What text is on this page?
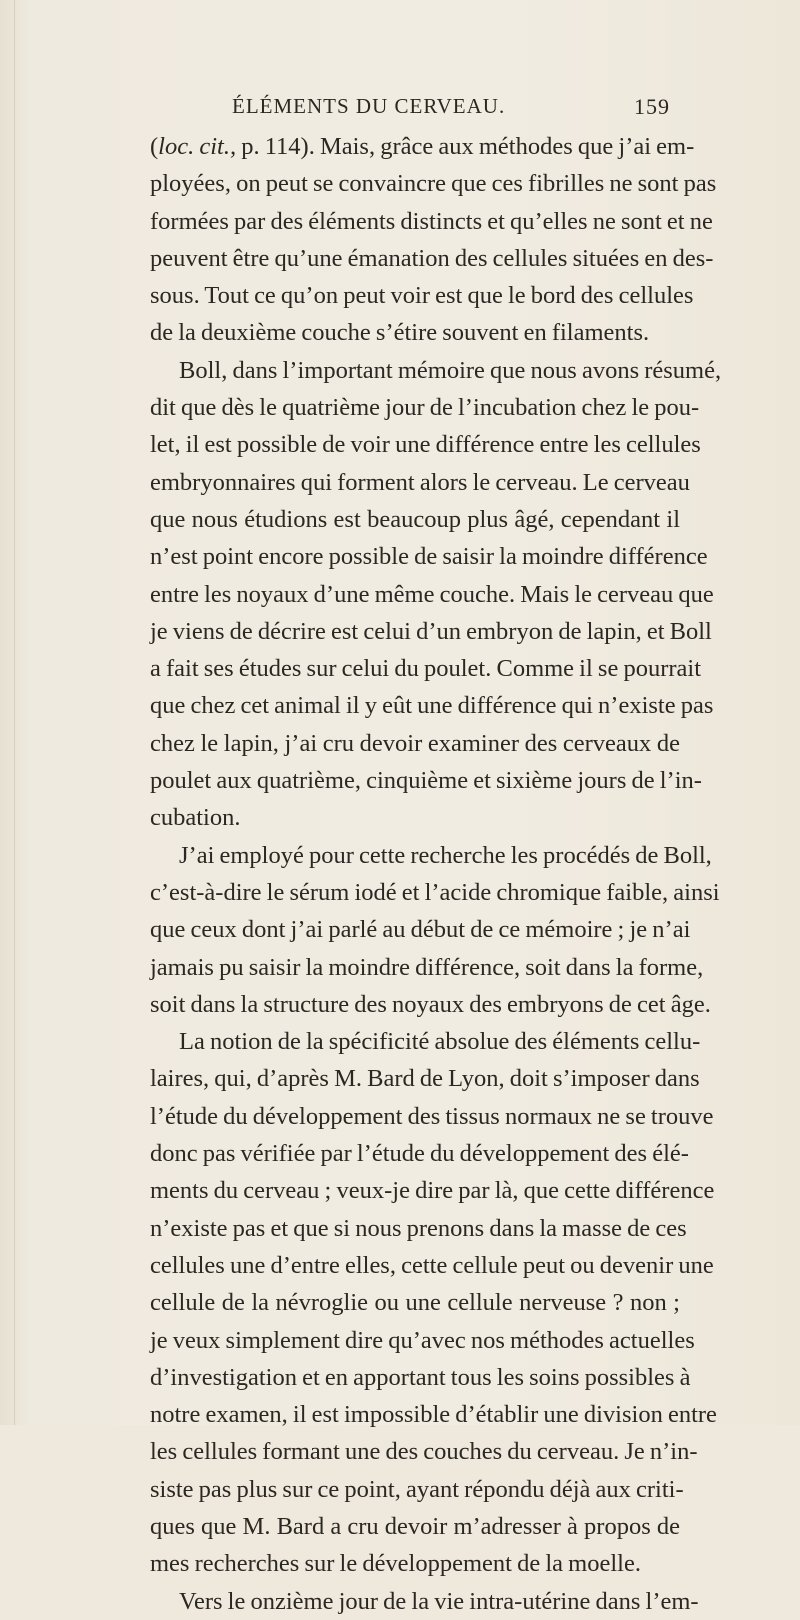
ÉLÉMENTS DU CERVEAU.	159
(loc. cit., p. 114). Mais, grâce aux méthodes que j’ai em-
ployées, on peut se convaincre que ces fibrilles ne sont pas
formées par des éléments distincts et qu’elles ne sont et ne
peuvent être qu’une émanation des cellules situées en des-
sous. Tout ce qu’on peut voir est que le bord des cellules
de la deuxième couche s’étire souvent en filaments.
Boll, dans l’important mémoire que nous avons résumé,
dit que dès le quatrième jour de l’incubation chez le pou-
let, il est possible de voir une différence entre les cellules
embryonnaires qui forment alors le cerveau. Le cerveau
que nous étudions est beaucoup plus âgé, cependant il
n’est point encore possible de saisir la moindre différence
entre les noyaux d’une même couche. Mais le cerveau que
je viens de décrire est celui d’un embryon de lapin, et Boll
a fait ses études sur celui du poulet. Comme il se pourrait
que chez cet animal il y eût une différence qui n’existe pas
chez le lapin, j’ai cru devoir examiner des cerveaux de
poulet aux quatrième, cinquième et sixième jours de l’in-
cubation.
J’ai employé pour cette recherche les procédés de Boll,
c’est-à-dire le sérum iodé et l’acide chromique faible, ainsi
que ceux dont j’ai parlé au début de ce mémoire ; je n’ai
jamais pu saisir la moindre différence, soit dans la forme,
soit dans la structure des noyaux des embryons de cet âge.
La notion de la spécificité absolue des éléments cellu-
laires, qui, d’après M. Bard de Lyon, doit s’imposer dans
l’étude du développement des tissus normaux ne se trouve
donc pas vérifiée par l’étude du développement des élé-
ments du cerveau ; veux-je dire par là, que cette différence
n’existe pas et que si nous prenons dans la masse de ces
cellules une d’entre elles, cette cellule peut ou devenir une
cellule de la névroglie ou une cellule nerveuse ? non ;
je veux simplement dire qu’avec nos méthodes actuelles
d’investigation et en apportant tous les soins possibles à
notre examen, il est impossible d’établir une division entre
les cellules formant une des couches du cerveau. Je n’in-
siste pas plus sur ce point, ayant répondu déjà aux criti-
ques que M. Bard a cru devoir m’adresser à propos de
mes recherches sur le développement de la moelle.
Vers le onzième jour de la vie intra-utérine dans l’em-
